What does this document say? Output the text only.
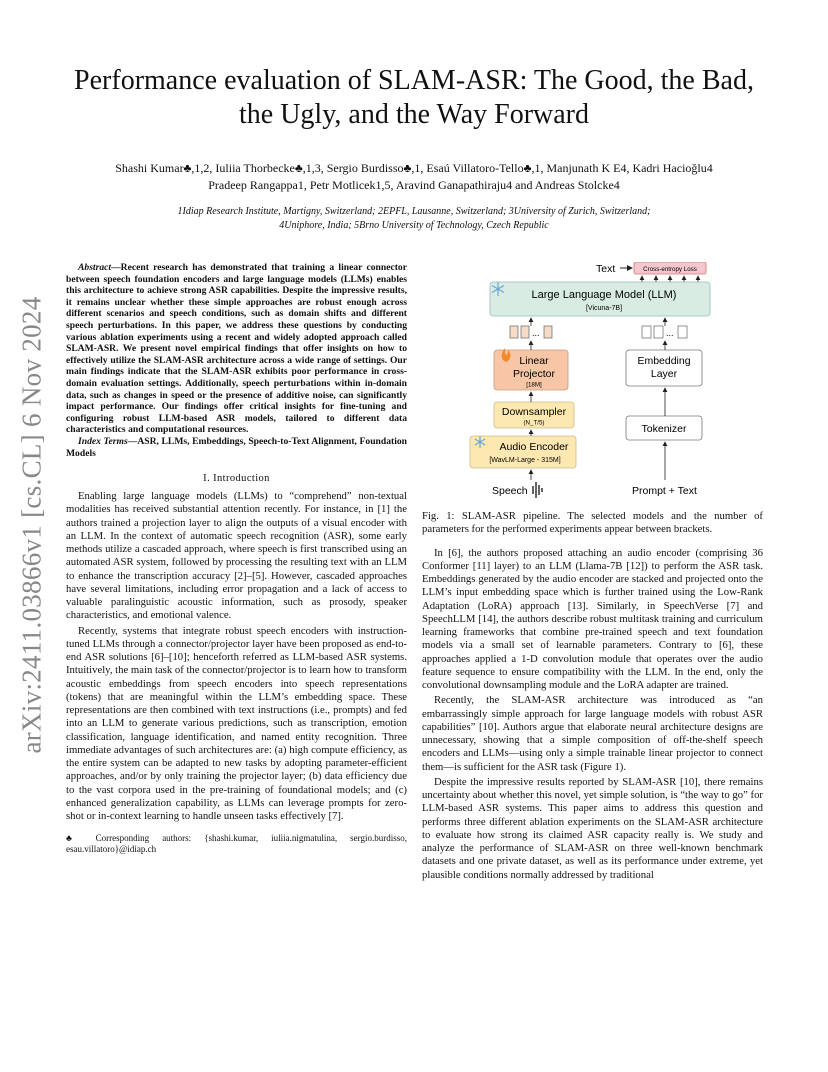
arXiv:2411.03866v1 [cs.CL] 6 Nov 2024
Performance evaluation of SLAM-ASR: The Good, the Bad, the Ugly, and the Way Forward
Shashi Kumar♣,1,2, Iuliia Thorbecke♣,1,3, Sergio Burdisso♣,1, Esaú Villatoro-Tello♣,1, Manjunath K E4, Kadri Hacioğlu4
Pradeep Rangappa1, Petr Motlicek1,5, Aravind Ganapathiraju4 and Andreas Stolcke4
1Idiap Research Institute, Martigny, Switzerland; 2EPFL, Lausanne, Switzerland; 3University of Zurich, Switzerland;
4Uniphore, India; 5Brno University of Technology, Czech Republic

Abstract—Recent research has demonstrated that training a linear connector between speech foundation encoders and large language models (LLMs) enables this architecture to achieve strong ASR capabilities. Despite the impressive results, it remains unclear whether these simple approaches are robust enough across different scenarios and speech conditions, such as domain shifts and different speech perturbations. In this paper, we address these questions by conducting various ablation experiments using a recent and widely adopted approach called SLAM-ASR. We present novel empirical findings that offer insights on how to effectively utilize the SLAM-ASR architecture across a wide range of settings. Our main findings indicate that the SLAM-ASR exhibits poor performance in cross-domain evaluation settings. Additionally, speech perturbations within in-domain data, such as changes in speed or the presence of additive noise, can significantly impact performance. Our findings offer critical insights for fine-tuning and configuring robust LLM-based ASR models, tailored to different data characteristics and computational resources.

Index Terms—ASR, LLMs, Embeddings, Speech-to-Text Alignment, Foundation Models

I. Introduction

Enabling large language models (LLMs) to “comprehend” non-textual modalities has received substantial attention recently. For instance, in [1] the authors trained a projection layer to align the outputs of a visual encoder with an LLM. In the context of automatic speech recognition (ASR), some early methods utilize a cascaded approach, where speech is first transcribed using an automated ASR system, followed by processing the resulting text with an LLM to enhance the transcription accuracy [2]–[5]. However, cascaded approaches have several limitations, including error propagation and a lack of access to valuable paralinguistic acoustic information, such as prosody, speaker characteristics, and emotional valence.

Recently, systems that integrate robust speech encoders with instruction-tuned LLMs through a connector/projector layer have been proposed as end-to-end ASR solutions [6]–[10]; henceforth referred as LLM-based ASR systems. Intuitively, the main task of the connector/projector is to learn how to transform acoustic embeddings from speech encoders into speech representations (tokens) that are meaningful within the LLM’s embedding space. These representations are then combined with text instructions (i.e., prompts) and fed into an LLM to generate various predictions, such as transcription, emotion classification, language identification, and named entity recognition. Three immediate advantages of such architectures are: (a) high compute efficiency, as the entire system can be adapted to new tasks by adopting parameter-efficient approaches, and/or by only training the projector layer; (b) data efficiency due to the vast corpora used in the pre-training of foundational models; and (c) enhanced generalization capability, as LLMs can leverage prompts for zero-shot or in-context learning to handle unseen tasks effectively [7].

♣ Corresponding authors: {shashi.kumar, iuliia.nigmatulina, sergio.burdisso, esau.villatoro}@idiap.ch
Text	Cross-entropy Loss
Large Language Model (LLM)
[Vicuna-7B]
...	...
Linear
Projector
[18M]
Downsampler
(N_T/5)
Audio Encoder
[WavLM-Large - 315M]
Embedding
Layer
Tokenizer
Speech	Prompt + Text

Fig. 1: SLAM-ASR pipeline. The selected models and the number of parameters for the performed experiments appear between brackets.

In [6], the authors proposed attaching an audio encoder (comprising 36 Conformer [11] layer) to an LLM (Llama-7B [12]) to perform the ASR task. Embeddings generated by the audio encoder are stacked and projected onto the LLM’s input embedding space which is further trained using the Low-Rank Adaptation (LoRA) approach [13]. Similarly, in SpeechVerse [7] and SpeechLLM [14], the authors describe robust multitask training and curriculum learning frameworks that combine pre-trained speech and text foundation models via a small set of learnable parameters. Contrary to [6], these approaches applied a 1-D convolution module that operates over the audio feature sequence to ensure compatibility with the LLM. In the end, only the convolutional downsampling module and the LoRA adapter are trained.

Recently, the SLAM-ASR architecture was introduced as “an embarrassingly simple approach for large language models with robust ASR capabilities” [10]. Authors argue that elaborate neural architecture designs are unnecessary, showing that a simple composition of off-the-shelf speech encoders and LLMs—using only a simple trainable linear projector to connect them—is sufficient for the ASR task (Figure 1).

Despite the impressive results reported by SLAM-ASR [10], there remains uncertainty about whether this novel, yet simple solution, is “the way to go” for LLM-based ASR systems. This paper aims to address this question and performs three different ablation experiments on the SLAM-ASR architecture to evaluate how strong its claimed ASR capacity really is. We study and analyze the performance of SLAM-ASR on three well-known benchmark datasets and one private dataset, as well as its performance under extreme, yet plausible conditions normally addressed by traditional
